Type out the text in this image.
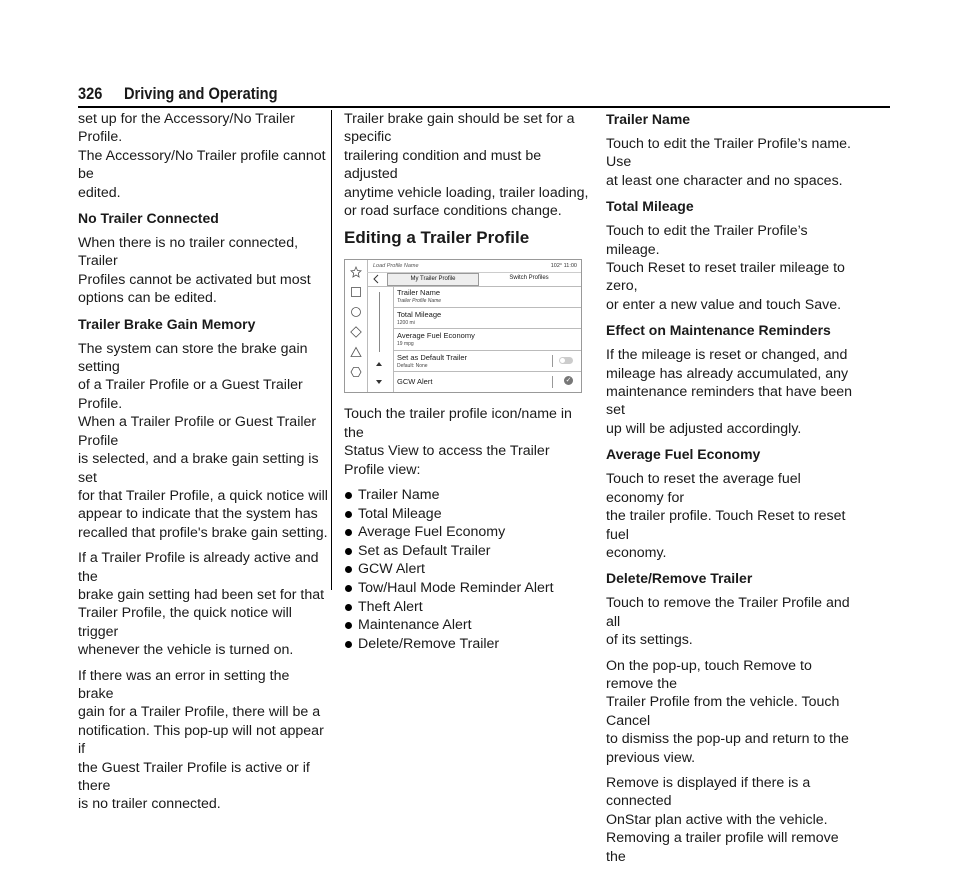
326 Driving and Operating

set up for the Accessory/No Trailer Profile.
The Accessory/No Trailer profile cannot be
edited.

No Trailer Connected

When there is no trailer connected, Trailer
Profiles cannot be activated but most
options can be edited.

Trailer Brake Gain Memory

The system can store the brake gain setting
of a Trailer Profile or a Guest Trailer Profile.
When a Trailer Profile or Guest Trailer Profile
is selected, and a brake gain setting is set
for that Trailer Profile, a quick notice will
appear to indicate that the system has
recalled that profile's brake gain setting.

If a Trailer Profile is already active and the
brake gain setting had been set for that
Trailer Profile, the quick notice will trigger
whenever the vehicle is turned on.

If there was an error in setting the brake
gain for a Trailer Profile, there will be a
notification. This pop-up will not appear if
the Guest Trailer Profile is active or if there
is no trailer connected.

Trailer brake gain should be set for a specific
trailering condition and must be adjusted
anytime vehicle loading, trailer loading,
or road surface conditions change.

Editing a Trailer Profile

Load Profile Name	102° 11:00
My Trailer Profile	Switch Profiles
Trailer Name
Trailer Profile Name
Total Mileage
1200 mi
Average Fuel Economy
19 mpg
Set as Default Trailer
Default: None
GCW Alert	✓

Touch the trailer profile icon/name in the
Status View to access the Trailer
Profile view:

Trailer Name
Total Mileage
Average Fuel Economy
Set as Default Trailer
GCW Alert
Tow/Haul Mode Reminder Alert
Theft Alert
Maintenance Alert
Delete/Remove Trailer

Trailer Name

Touch to edit the Trailer Profile’s name. Use
at least one character and no spaces.

Total Mileage

Touch to edit the Trailer Profile’s mileage.
Touch Reset to reset trailer mileage to zero,
or enter a new value and touch Save.

Effect on Maintenance Reminders

If the mileage is reset or changed, and
mileage has already accumulated, any
maintenance reminders that have been set
up will be adjusted accordingly.

Average Fuel Economy

Touch to reset the average fuel economy for
the trailer profile. Touch Reset to reset fuel
economy.

Delete/Remove Trailer

Touch to remove the Trailer Profile and all
of its settings.

On the pop-up, touch Remove to remove the
Trailer Profile from the vehicle. Touch Cancel
to dismiss the pop-up and return to the
previous view.

Remove is displayed if there is a connected
OnStar plan active with the vehicle.
Removing a trailer profile will remove the
